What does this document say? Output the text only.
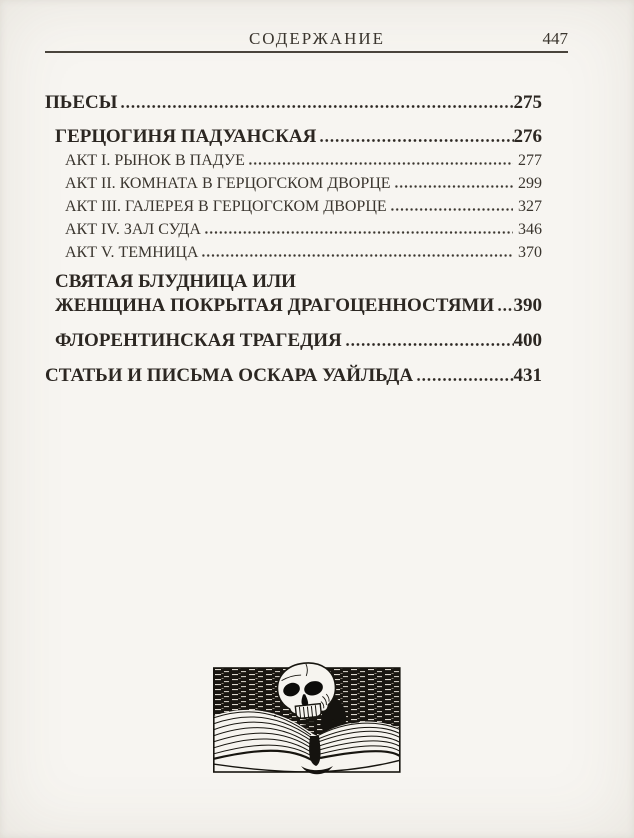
СОДЕРЖАНИЕ	447
ПЬЕСЫ	275
ГЕРЦОГИНЯ ПАДУАНСКАЯ	276
АКТ I. РЫНОК В ПАДУЕ	277
АКТ II. КОМНАТА В ГЕРЦОГСКОМ ДВОРЦЕ	299
АКТ III. ГАЛЕРЕЯ В ГЕРЦОГСКОМ ДВОРЦЕ	327
АКТ IV. ЗАЛ СУДА	346
АКТ V. ТЕМНИЦА	370
СВЯТАЯ БЛУДНИЦА ИЛИ
ЖЕНЩИНА ПОКРЫТАЯ ДРАГОЦЕННОСТЯМИ 390
ФЛОРЕНТИНСКАЯ ТРАГЕДИЯ	400
СТАТЬИ И ПИСЬМА ОСКАРА УАЙЛЬДА	431
